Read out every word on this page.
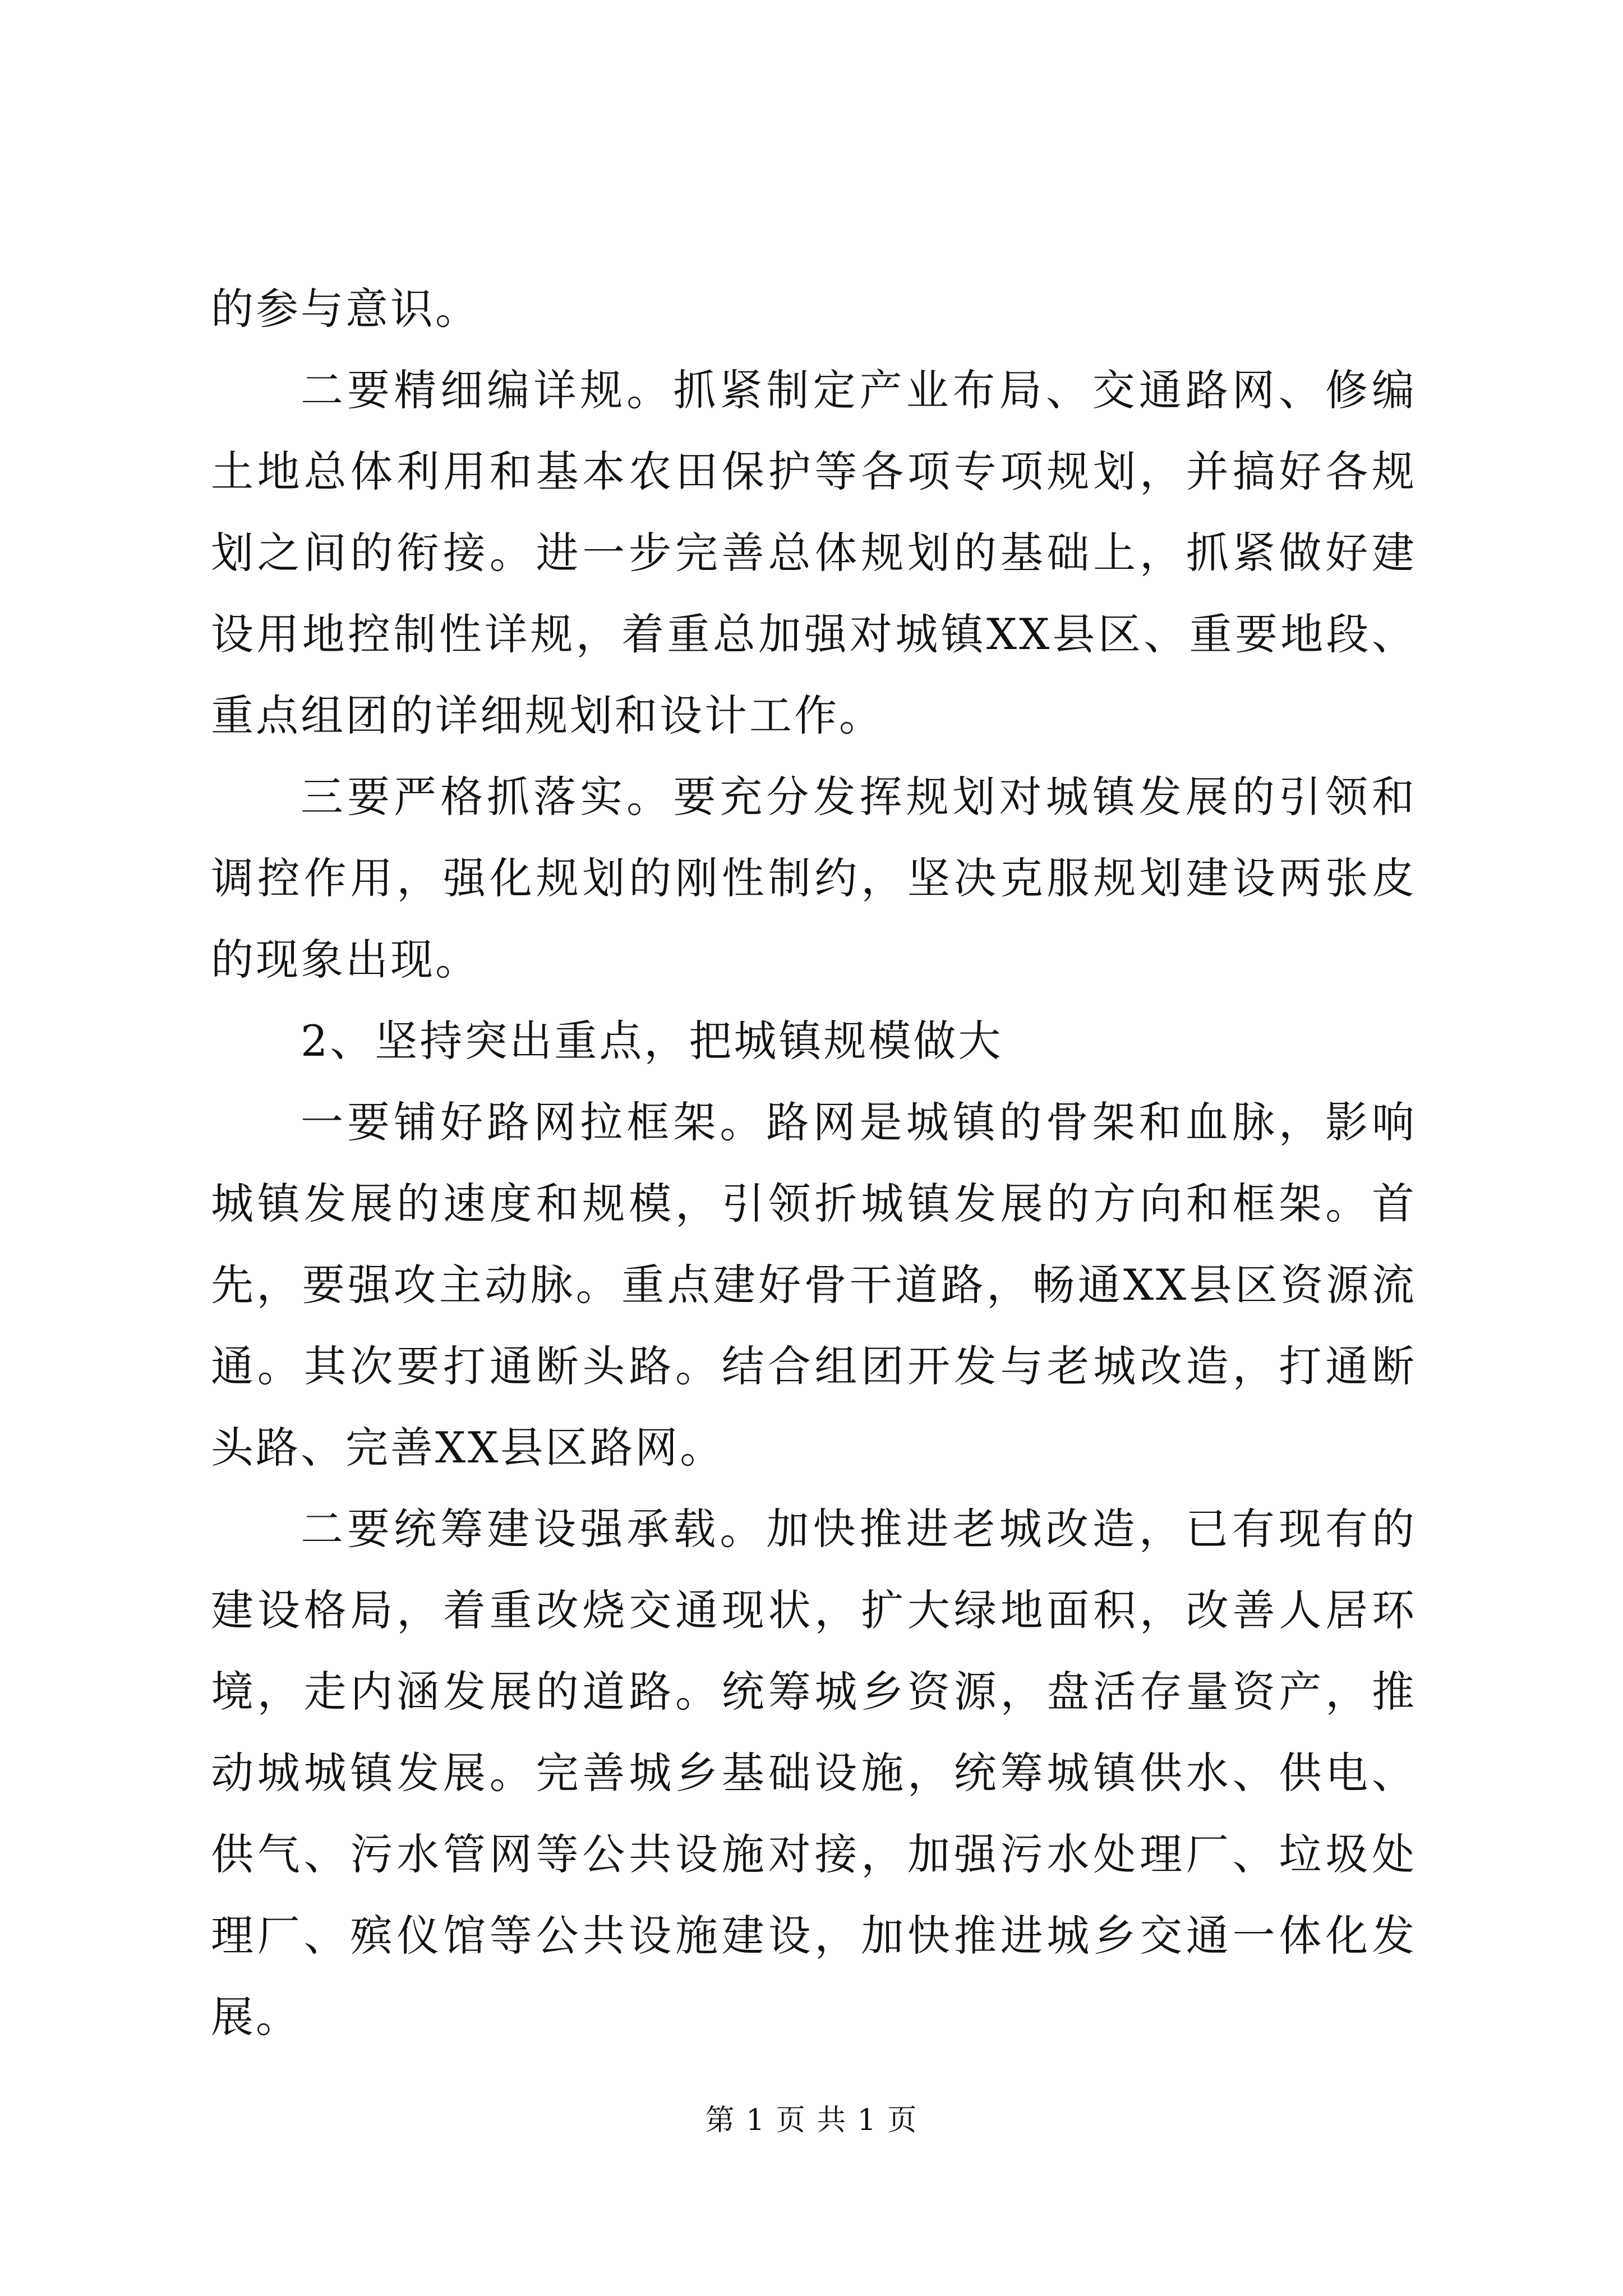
的参与意识。

二要精细编详规。抓紧制定产业布局、交通路网、修编土地总体利用和基本农田保护等各项专项规划，并搞好各规划之间的衔接。进一步完善总体规划的基础上，抓紧做好建设用地控制性详规，着重总加强对城镇XX县区、重要地段、重点组团的详细规划和设计工作。

三要严格抓落实。要充分发挥规划对城镇发展的引领和调控作用，强化规划的刚性制约，坚决克服规划建设两张皮的现象出现。

2、坚持突出重点，把城镇规模做大

一要铺好路网拉框架。路网是城镇的骨架和血脉，影响城镇发展的速度和规模，引领折城镇发展的方向和框架。首先，要强攻主动脉。重点建好骨干道路，畅通XX县区资源流通。其次要打通断头路。结合组团开发与老城改造，打通断头路、完善XX县区路网。

二要统筹建设强承载。加快推进老城改造，已有现有的建设格局，着重改烧交通现状，扩大绿地面积，改善人居环境，走内涵发展的道路。统筹城乡资源，盘活存量资产，推动城城镇发展。完善城乡基础设施，统筹城镇供水、供电、供气、污水管网等公共设施对接，加强污水处理厂、垃圾处理厂、殡仪馆等公共设施建设，加快推进城乡交通一体化发展。

第 1 页 共 1 页
